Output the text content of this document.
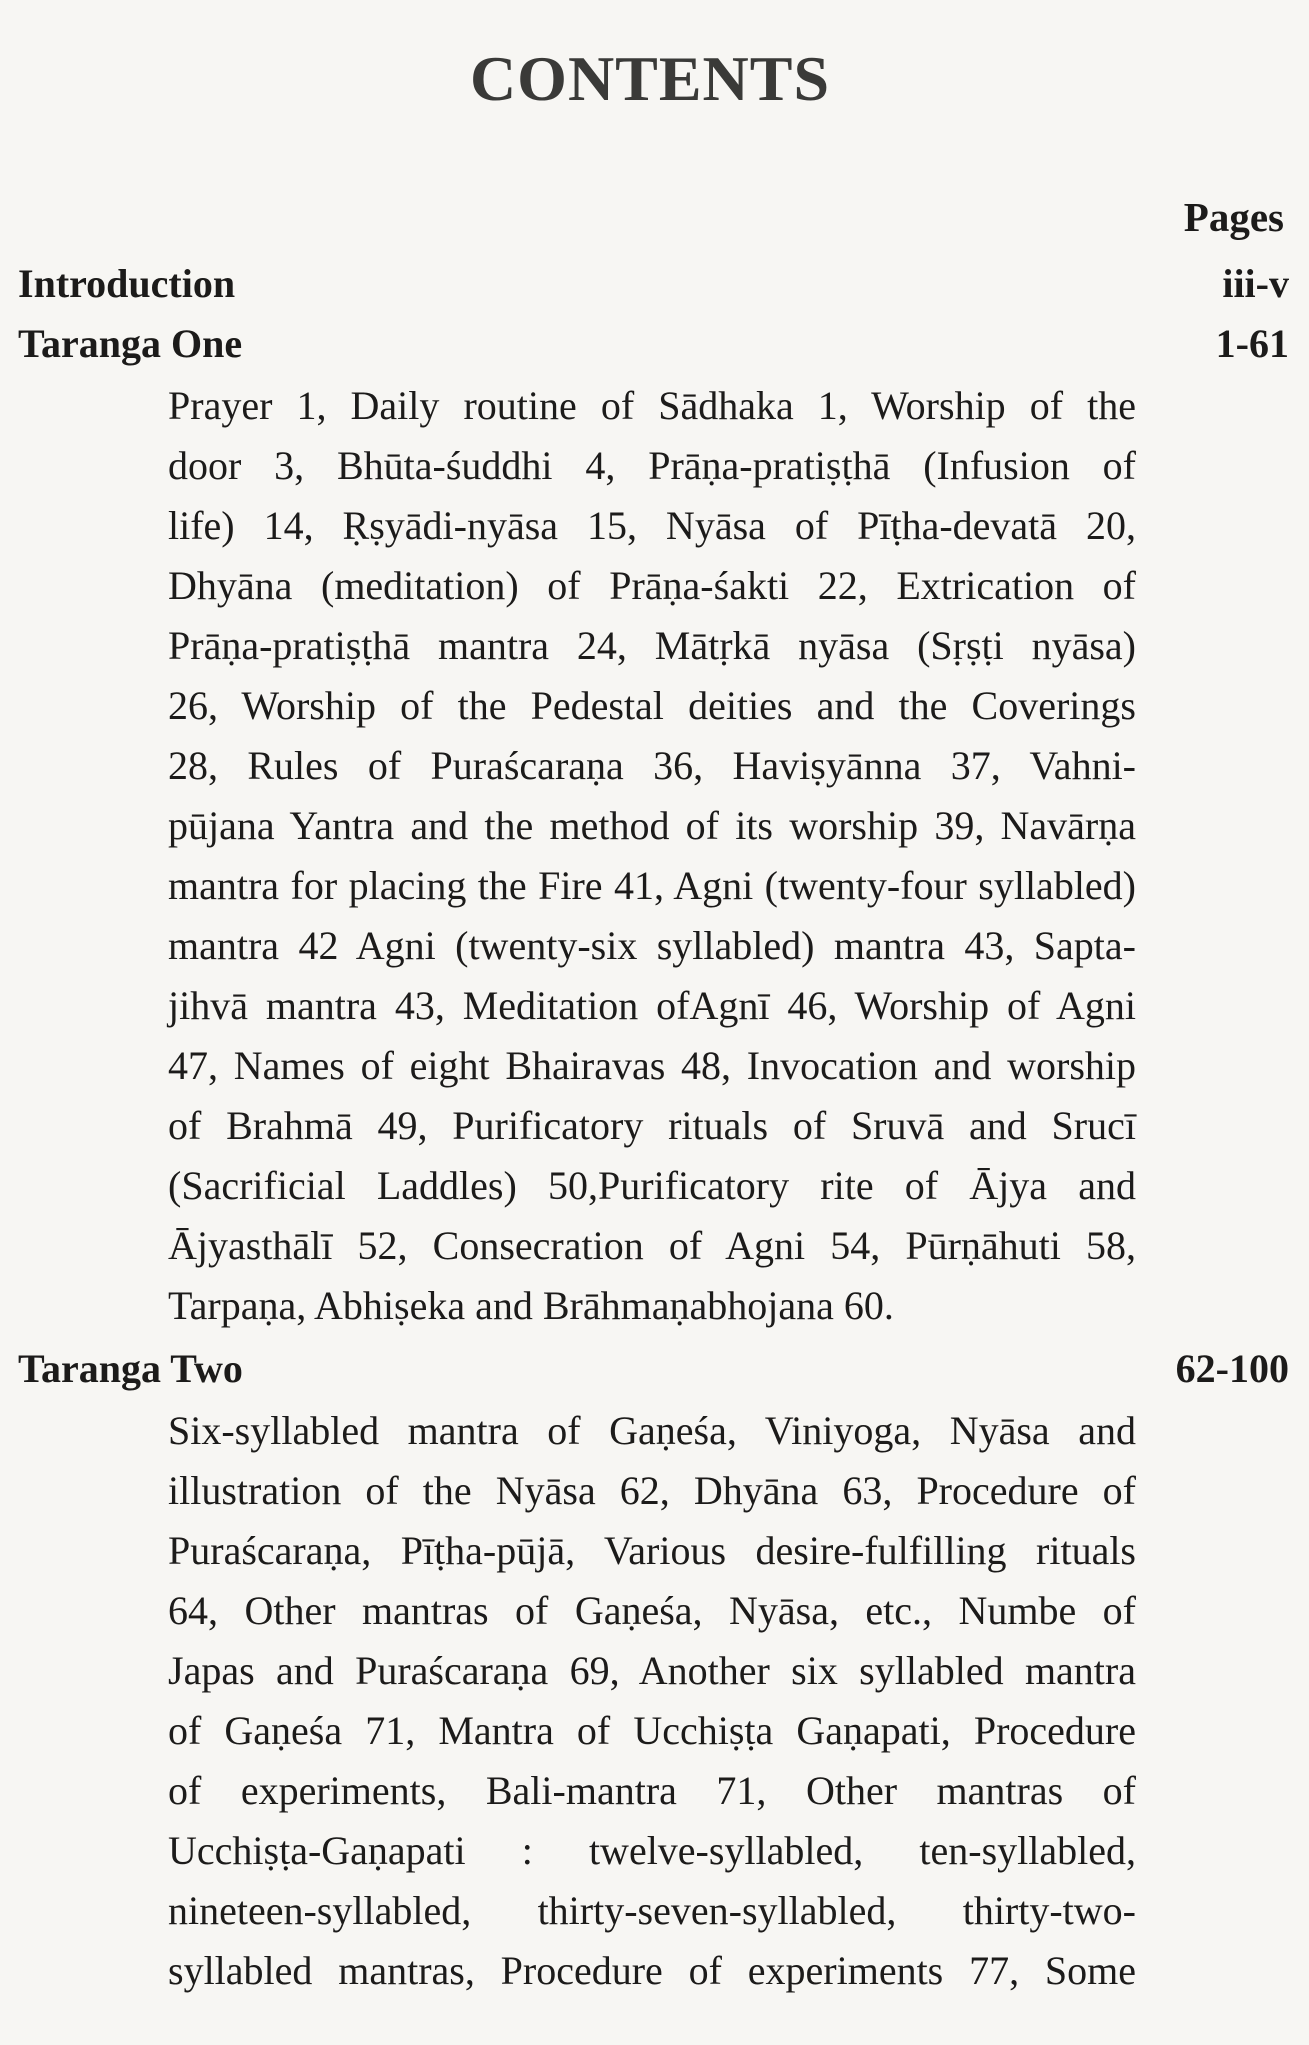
CONTENTS
Pages
Introduction	iii-v
Taranga One	1-61
Prayer 1, Daily routine of Sādhaka 1, Worship of the
door 3, Bhūta-śuddhi 4, Prāṇa-pratiṣṭhā (Infusion of
life) 14, Ṛṣyādi-nyāsa 15, Nyāsa of Pīṭha-devatā 20,
Dhyāna (meditation) of Prāṇa-śakti 22, Extrication of
Prāṇa-pratiṣṭhā mantra 24, Mātṛkā nyāsa (Sṛṣṭi nyāsa)
26, Worship of the Pedestal deities and the Coverings
28, Rules of Puraścaraṇa 36, Haviṣyānna 37, Vahni-
pūjana Yantra and the method of its worship 39, Navārṇa
mantra for placing the Fire 41, Agni (twenty-four syllabled)
mantra 42 Agni (twenty-six syllabled) mantra 43, Sapta-
jihvā mantra 43, Meditation ofAgnī 46, Worship of Agni
47, Names of eight Bhairavas 48, Invocation and worship
of Brahmā 49, Purificatory rituals of Sruvā and Srucī
(Sacrificial Laddles) 50,Purificatory rite of Ājya and
Ājyasthālī 52, Consecration of Agni 54, Pūrṇāhuti 58,
Tarpaṇa, Abhiṣeka and Brāhmaṇabhojana 60.
Taranga Two	62-100
Six-syllabled mantra of Gaṇeśa, Viniyoga, Nyāsa and
illustration of the Nyāsa 62, Dhyāna 63, Procedure of
Puraścaraṇa, Pīṭha-pūjā, Various desire-fulfilling rituals
64, Other mantras of Gaṇeśa, Nyāsa, etc., Numbe of
Japas and Puraścaraṇa 69, Another six syllabled mantra
of Gaṇeśa 71, Mantra of Ucchiṣṭa Gaṇapati, Procedure
of experiments, Bali-mantra 71, Other mantras of
Ucchiṣṭa-Gaṇapati : twelve-syllabled, ten-syllabled,
nineteen-syllabled, thirty-seven-syllabled, thirty-two-
syllabled mantras, Procedure of experiments 77, Some
